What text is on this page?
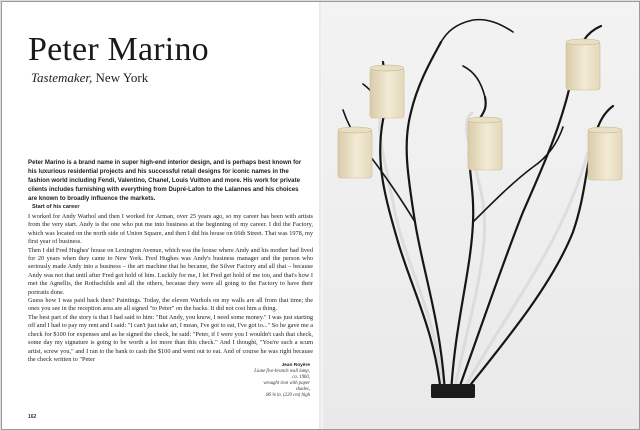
Peter Marino
Tastemaker, New York

Peter Marino is a brand name in super high-end interior design, and is perhaps best known for his luxurious residential projects and his successful retail designs for iconic names in the fashion world including Fendi, Valentino, Chanel, Louis Vuitton and more. His work for private clients includes furnishing with everything from Dupré-Lafon to the Lalannes and his choices are known to broadly influence the markets.

Start of his career

I worked for Andy Warhol and then I worked for Arman, over 25 years ago, so my career has been with artists from the very start. Andy is the one who put me into business at the beginning of my career. I did the Factory, which was located on the north side of Union Square, and then I did his house on 66th Street. That was 1978, my first year of business.

Then I did Fred Hughes' house on Lexington Avenue, which was the house where Andy and his mother had lived for 20 years when they came to New York. Fred Hughes was Andy's business manager and the person who seriously made Andy into a business – the art machine that he became, the Silver Factory and all that – because Andy was not that until after Fred got hold of him. Luckily for me, I let Fred get hold of me too, and that's how I met the Agnellis, the Rothschilds and all the others, because they were all going to the Factory to have their portraits done.

Guess how I was paid back then? Paintings. Today, the eleven Warhols on my walls are all from that time; the ones you see in the reception area are all signed "to Peter" on the backs. It did not cost him a thing.

The best part of the story is that I had said to him: "But Andy, you know, I need some money." I was just starting off and I had to pay my rent and I said: "I can't just take art, I mean, I've got to eat, I've got to..." So he gave me a check for $100 for expenses and as he signed the check, he said: "Peter, if I were you I wouldn't cash that check, some day my signature is going to be worth a lot more than this check." And I thought, "You're such a scum artist, screw you," and I ran to the bank to cash the $100 and went out to eat. And of course he was right because the check written to "Peter

Jean Royère
Liane five-branch wall lamp, ca. 1960,
wrought iron with paper shades,
86 ⅝ in. (220 cm) high
162
